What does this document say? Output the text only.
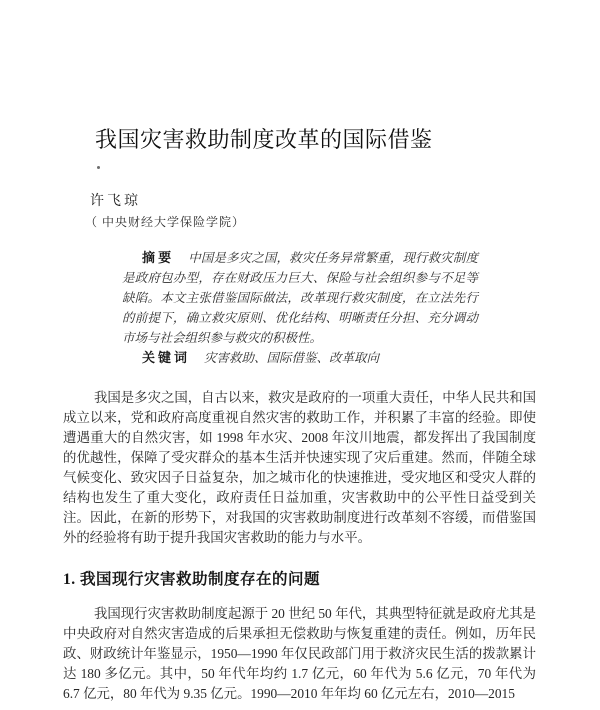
我国灾害救助制度改革的国际借鉴
许飞琼
（ 中央财经大学保险学院）

摘要 中国是多灾之国，救灾任务异常繁重，现行救灾制度是政府包办型，存在财政压力巨大、保险与社会组织参与不足等缺陷。本文主张借鉴国际做法，改革现行救灾制度，在立法先行的前提下，确立救灾原则、优化结构、明晰责任分担、充分调动市场与社会组织参与救灾的积极性。

关键词 灾害救助、国际借鉴、改革取向

我国是多灾之国，自古以来，救灾是政府的一项重大责任，中华人民共和国成立以来，党和政府高度重视自然灾害的救助工作，并积累了丰富的经验。即使遭遇重大的自然灾害，如 1998 年水灾、2008 年汶川地震，都发挥出了我国制度的优越性，保障了受灾群众的基本生活并快速实现了灾后重建。然而，伴随全球气候变化、致灾因子日益复杂，加之城市化的快速推进，受灾地区和受灾人群的结构也发生了重大变化，政府责任日益加重，灾害救助中的公平性日益受到关注。因此，在新的形势下，对我国的灾害救助制度进行改革刻不容缓，而借鉴国外的经验将有助于提升我国灾害救助的能力与水平。

1. 我国现行灾害救助制度存在的问题

我国现行灾害救助制度起源于 20 世纪 50 年代，其典型特征就是政府尤其是中央政府对自然灾害造成的后果承担无偿救助与恢复重建的责任。例如，历年民政、财政统计年鉴显示，1950—1990 年仅民政部门用于救济灾民生活的拨款累计达 180 多亿元。其中，50 年代年均约 1.7 亿元，60 年代为 5.6 亿元，70 年代为 6.7 亿元，80 年代为 9.35 亿元。1990—2010 年年均 60 亿元左右，2010—2015
